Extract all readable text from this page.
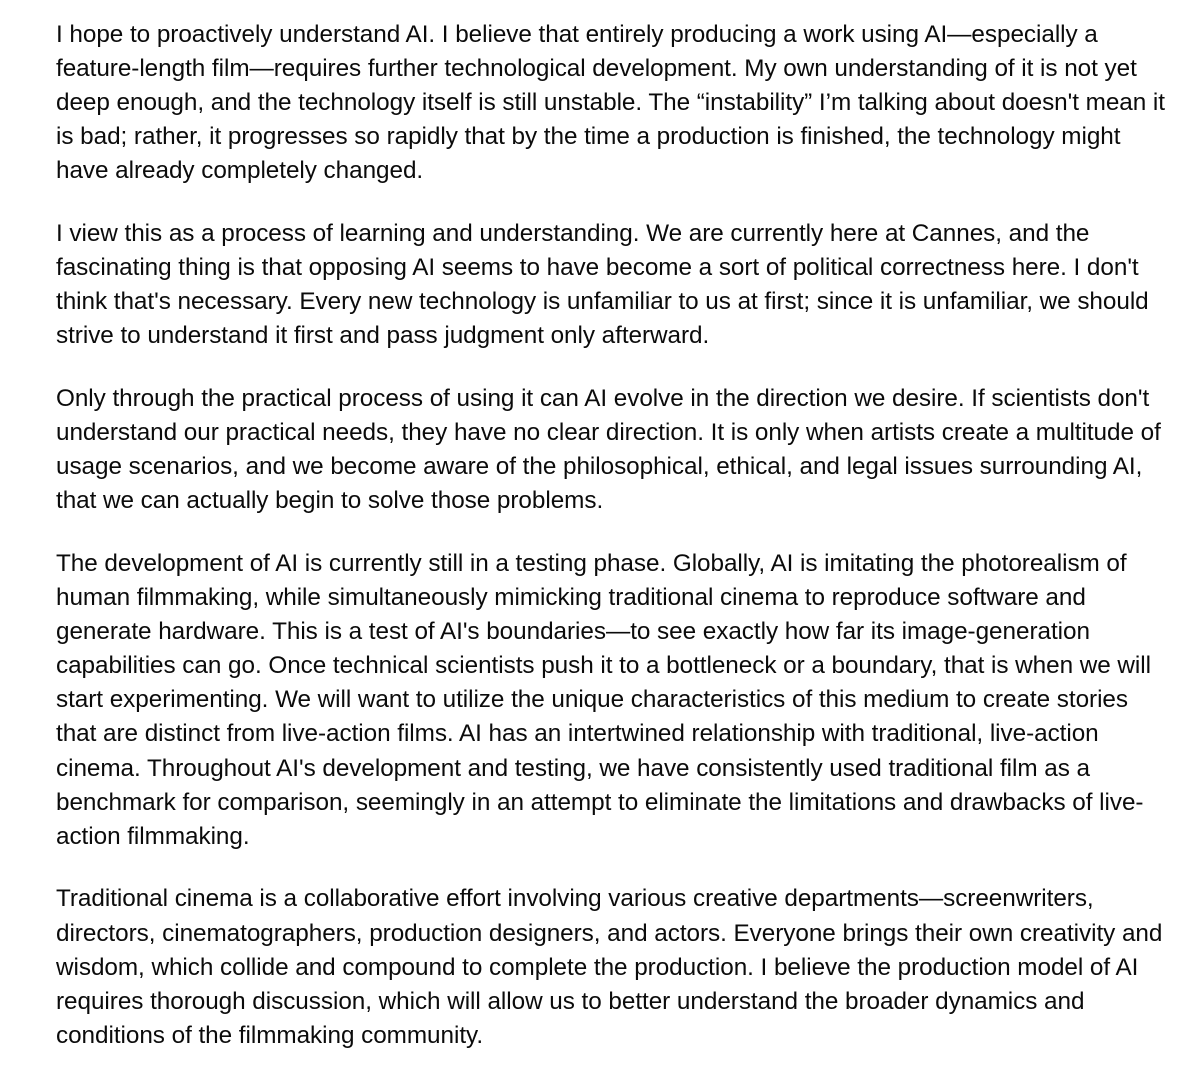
I hope to proactively understand AI. I believe that entirely producing a work using AI—especially a feature-length film—requires further technological development. My own understanding of it is not yet deep enough, and the technology itself is still unstable. The “instability” I’m talking about doesn't mean it is bad; rather, it progresses so rapidly that by the time a production is finished, the technology might have already completely changed.

I view this as a process of learning and understanding. We are currently here at Cannes, and the fascinating thing is that opposing AI seems to have become a sort of political correctness here. I don't think that's necessary. Every new technology is unfamiliar to us at first; since it is unfamiliar, we should strive to understand it first and pass judgment only afterward.

Only through the practical process of using it can AI evolve in the direction we desire. If scientists don't understand our practical needs, they have no clear direction. It is only when artists create a multitude of usage scenarios, and we become aware of the philosophical, ethical, and legal issues surrounding AI, that we can actually begin to solve those problems.

The development of AI is currently still in a testing phase. Globally, AI is imitating the photorealism of human filmmaking, while simultaneously mimicking traditional cinema to reproduce software and generate hardware. This is a test of AI's boundaries—to see exactly how far its image-generation capabilities can go. Once technical scientists push it to a bottleneck or a boundary, that is when we will start experimenting. We will want to utilize the unique characteristics of this medium to create stories that are distinct from live-action films. AI has an intertwined relationship with traditional, live-action cinema. Throughout AI's development and testing, we have consistently used traditional film as a benchmark for comparison, seemingly in an attempt to eliminate the limitations and drawbacks of live-action filmmaking.

Traditional cinema is a collaborative effort involving various creative departments—screenwriters, directors, cinematographers, production designers, and actors. Everyone brings their own creativity and wisdom, which collide and compound to complete the production. I believe the production model of AI requires thorough discussion, which will allow us to better understand the broader dynamics and conditions of the filmmaking community.
